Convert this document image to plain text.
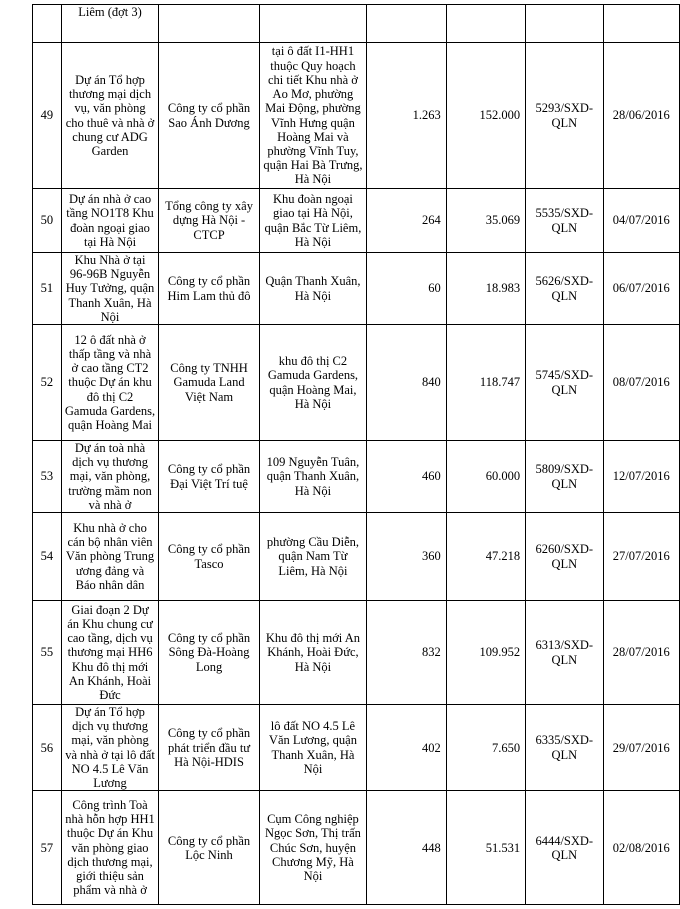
	Liêm (đợt 3)						
49	Dự án Tổ hợp thương mại dịch vụ, văn phòng cho thuê và nhà ở chung cư ADG Garden	Công ty cổ phần Sao Ánh Dương	tại ô đất I1-HH1 thuộc Quy hoạch chi tiết Khu nhà ở Ao Mơ, phường Mai Động, phường Vĩnh Hưng quận Hoàng Mai và phường Vĩnh Tuy, quận Hai Bà Trưng, Hà Nội	1.263	152.000	5293/SXD-QLN	28/06/2016
50	Dự án nhà ở cao tầng NO1T8 Khu đoàn ngoại giao tại Hà Nội	Tổng công ty xây dựng Hà Nội - CTCP	Khu đoàn ngoại giao tại Hà Nội, quận Bắc Từ Liêm, Hà Nội	264	35.069	5535/SXD-QLN	04/07/2016
51	Khu Nhà ở tại 96-96B Nguyễn Huy Tưởng, quận Thanh Xuân, Hà Nội	Công ty cổ phần Him Lam thủ đô	Quận Thanh Xuân, Hà Nội	60	18.983	5626/SXD-QLN	06/07/2016
52	12 ô đất nhà ở thấp tầng và nhà ở cao tầng CT2 thuộc Dự án khu đô thị C2 Gamuda Gardens, quận Hoàng Mai	Công ty TNHH Gamuda Land Việt Nam	khu đô thị C2 Gamuda Gardens, quận Hoàng Mai, Hà Nội	840	118.747	5745/SXD-QLN	08/07/2016
53	Dự án toà nhà dịch vụ thương mại, văn phòng, trường mầm non và nhà ở	Công ty cổ phần Đại Việt Trí tuệ	109 Nguyễn Tuân, quận Thanh Xuân, Hà Nội	460	60.000	5809/SXD-QLN	12/07/2016
54	Khu nhà ở cho cán bộ nhân viên Văn phòng Trung ương đảng và Báo nhân dân	Công ty cổ phần Tasco	phường Cầu Diễn, quận Nam Từ Liêm, Hà Nội	360	47.218	6260/SXD-QLN	27/07/2016
55	Giai đoạn 2 Dự án Khu chung cư cao tầng, dịch vụ thương mại HH6 Khu đô thị mới An Khánh, Hoài Đức	Công ty cổ phần Sông Đà-Hoàng Long	Khu đô thị mới An Khánh, Hoài Đức, Hà Nội	832	109.952	6313/SXD-QLN	28/07/2016
56	Dự án Tổ hợp dịch vụ thương mại, văn phòng và nhà ở tại lô đất NO 4.5 Lê Văn Lương	Công ty cổ phần phát triển đầu tư Hà Nội-HDIS	lô đất NO 4.5 Lê Văn Lương, quận Thanh Xuân, Hà Nội	402	7.650	6335/SXD-QLN	29/07/2016
57	Công trình Toà nhà hỗn hợp HH1 thuộc Dự án Khu văn phòng giao dịch thương mại, giới thiệu sản phẩm và nhà ở	Công ty cổ phần Lộc Ninh	Cụm Công nghiệp Ngọc Sơn, Thị trấn Chúc Sơn, huyện Chương Mỹ, Hà Nội	448	51.531	6444/SXD-QLN	02/08/2016
